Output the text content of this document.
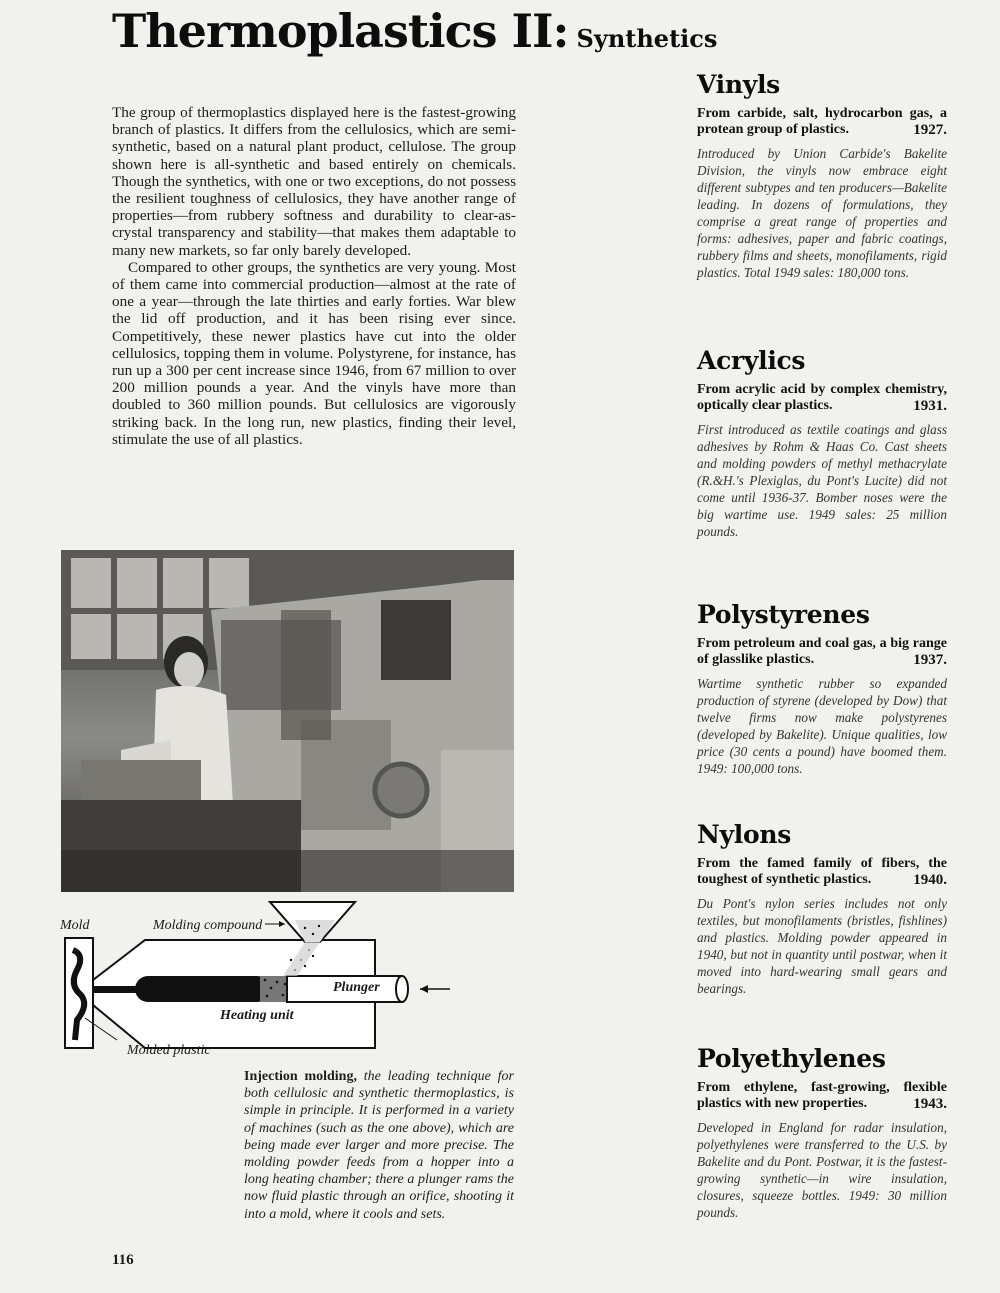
Thermoplastics II: Synthetics

The group of thermoplastics displayed here is the fastest-growing branch of plastics. It differs from the cellulosics, which are semi-synthetic, based on a natural plant product, cellulose. The group shown here is all-synthetic and based entirely on chemicals. Though the synthetics, with one or two exceptions, do not possess the resilient toughness of cellulosics, they have another range of properties—from rubbery softness and durability to clear-as-crystal transparency and stability—that makes them adaptable to many new markets, so far only barely developed.

Compared to other groups, the synthetics are very young. Most of them came into commercial production—almost at the rate of one a year—through the late thirties and early forties. War blew the lid off production, and it has been rising ever since. Competitively, these newer plastics have cut into the older cellulosics, topping them in volume. Polystyrene, for instance, has run up a 300 per cent increase since 1946, from 67 million to over 200 million pounds a year. And the vinyls have more than doubled to 360 million pounds. But cellulosics are vigorously striking back. In the long run, new plastics, finding their level, stimulate the use of all plastics.

Mold	Molding compound
Plunger
Heating unit
Molded plastic
Injection molding, the leading technique for both cellulosic and synthetic thermoplastics, is simple in principle. It is performed in a variety of machines (such as the one above), which are being made ever larger and more precise. The molding powder feeds from a hopper into a long heating chamber; there a plunger rams the now fluid plastic through an orifice, shooting it into a mold, where it cools and sets.
116
Vinyls

From carbide, salt, hydrocarbon gas, a protean group of plastics.	1927.

Introduced by Union Carbide's Bakelite Division, the vinyls now embrace eight different subtypes and ten producers—Bakelite leading. In dozens of formulations, they comprise a great range of properties and forms: adhesives, paper and fabric coatings, rubbery films and sheets, monofilaments, rigid plastics. Total 1949 sales: 180,000 tons.

Acrylics

From acrylic acid by complex chemistry, optically clear plastics.	1931.

First introduced as textile coatings and glass adhesives by Rohm & Haas Co. Cast sheets and molding powders of methyl methacrylate (R.&H.'s Plexiglas, du Pont's Lucite) did not come until 1936-37. Bomber noses were the big wartime use. 1949 sales: 25 million pounds.

Polystyrenes

From petroleum and coal gas, a big range of glasslike plastics.	1937.

Wartime synthetic rubber so expanded production of styrene (developed by Dow) that twelve firms now make polystyrenes (developed by Bakelite). Unique qualities, low price (30 cents a pound) have boomed them. 1949: 100,000 tons.

Nylons

From the famed family of fibers, the toughest of synthetic plastics.	1940.

Du Pont's nylon series includes not only textiles, but monofilaments (bristles, fishlines) and plastics. Molding powder appeared in 1940, but not in quantity until postwar, when it moved into hard-wearing small gears and bearings.

Polyethylenes

From ethylene, fast-growing, flexible plastics with new properties.	1943.

Developed in England for radar insulation, polyethylenes were transferred to the U.S. by Bakelite and du Pont. Postwar, it is the fastest-growing synthetic—in wire insulation, closures, squeeze bottles. 1949: 30 million pounds.
